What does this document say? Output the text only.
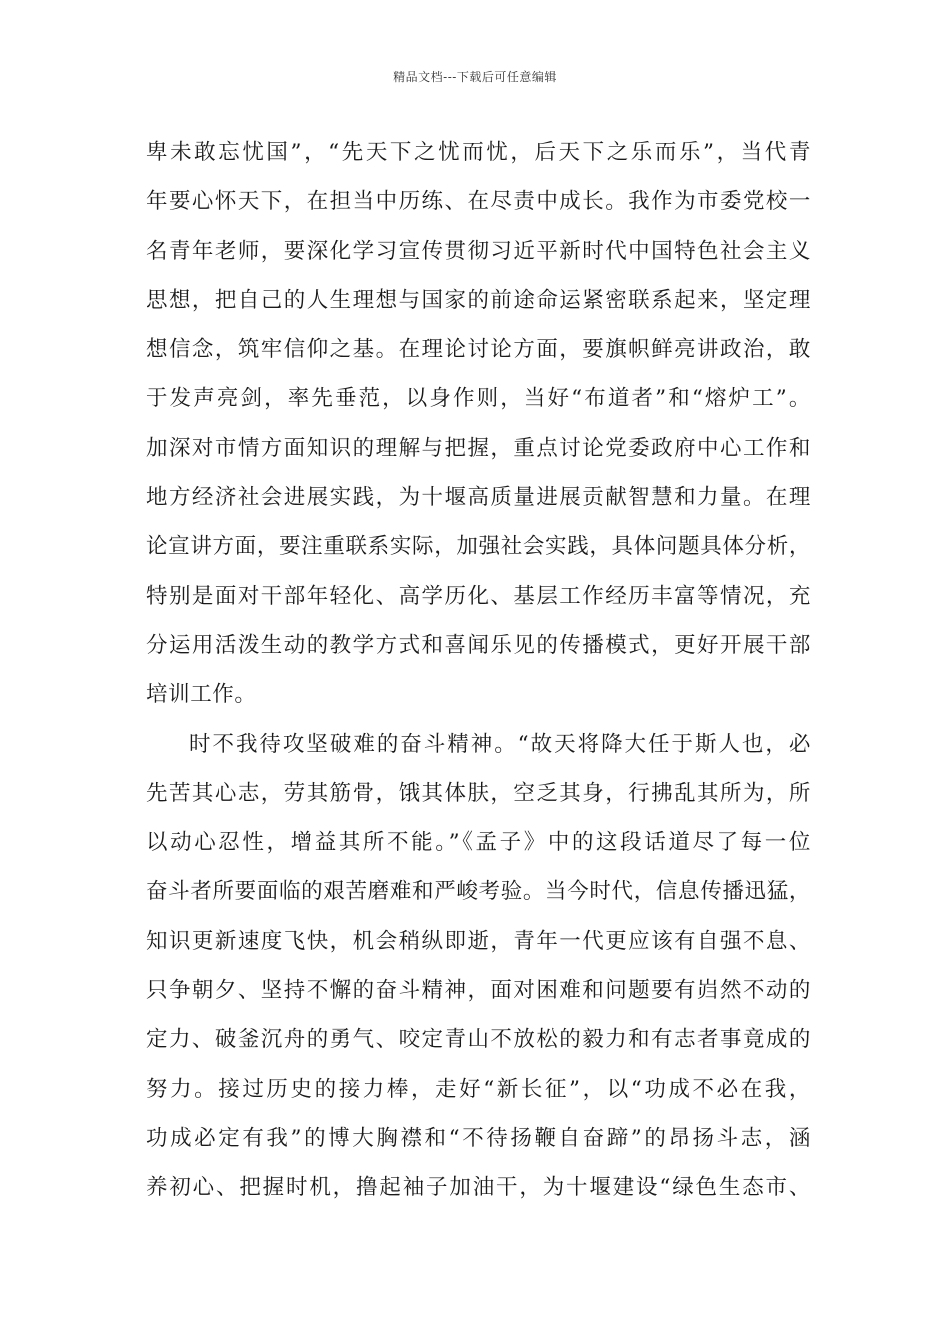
精品文档---下载后可任意编辑
卑未敢忘忧国”，“先天下之忧而忧，后天下之乐而乐”，当代青
年要心怀天下，在担当中历练、在尽责中成长。我作为市委党校一
名青年老师，要深化学习宣传贯彻习近平新时代中国特色社会主义
思想，把自己的人生理想与国家的前途命运紧密联系起来，坚定理
想信念，筑牢信仰之基。在理论讨论方面，要旗帜鲜亮讲政治，敢
于发声亮剑，率先垂范，以身作则，当好“布道者”和“熔炉工”。
加深对市情方面知识的理解与把握，重点讨论党委政府中心工作和
地方经济社会进展实践，为十堰高质量进展贡献智慧和力量。在理
论宣讲方面，要注重联系实际，加强社会实践，具体问题具体分析，
特别是面对干部年轻化、高学历化、基层工作经历丰富等情况，充
分运用活泼生动的教学方式和喜闻乐见的传播模式，更好开展干部
培训工作。
时不我待攻坚破难的奋斗精神。“故天将降大任于斯人也，必
先苦其心志，劳其筋骨，饿其体肤，空乏其身，行拂乱其所为，所
以动心忍性，增益其所不能。”《孟子》中的这段话道尽了每一位
奋斗者所要面临的艰苦磨难和严峻考验。当今时代，信息传播迅猛，
知识更新速度飞快，机会稍纵即逝，青年一代更应该有自强不息、
只争朝夕、坚持不懈的奋斗精神，面对困难和问题要有岿然不动的
定力、破釜沉舟的勇气、咬定青山不放松的毅力和有志者事竟成的
努力。接过历史的接力棒，走好“新长征”，以“功成不必在我，
功成必定有我”的博大胸襟和“不待扬鞭自奋蹄”的昂扬斗志，涵
养初心、把握时机，撸起袖子加油干，为十堰建设“绿色生态市、
